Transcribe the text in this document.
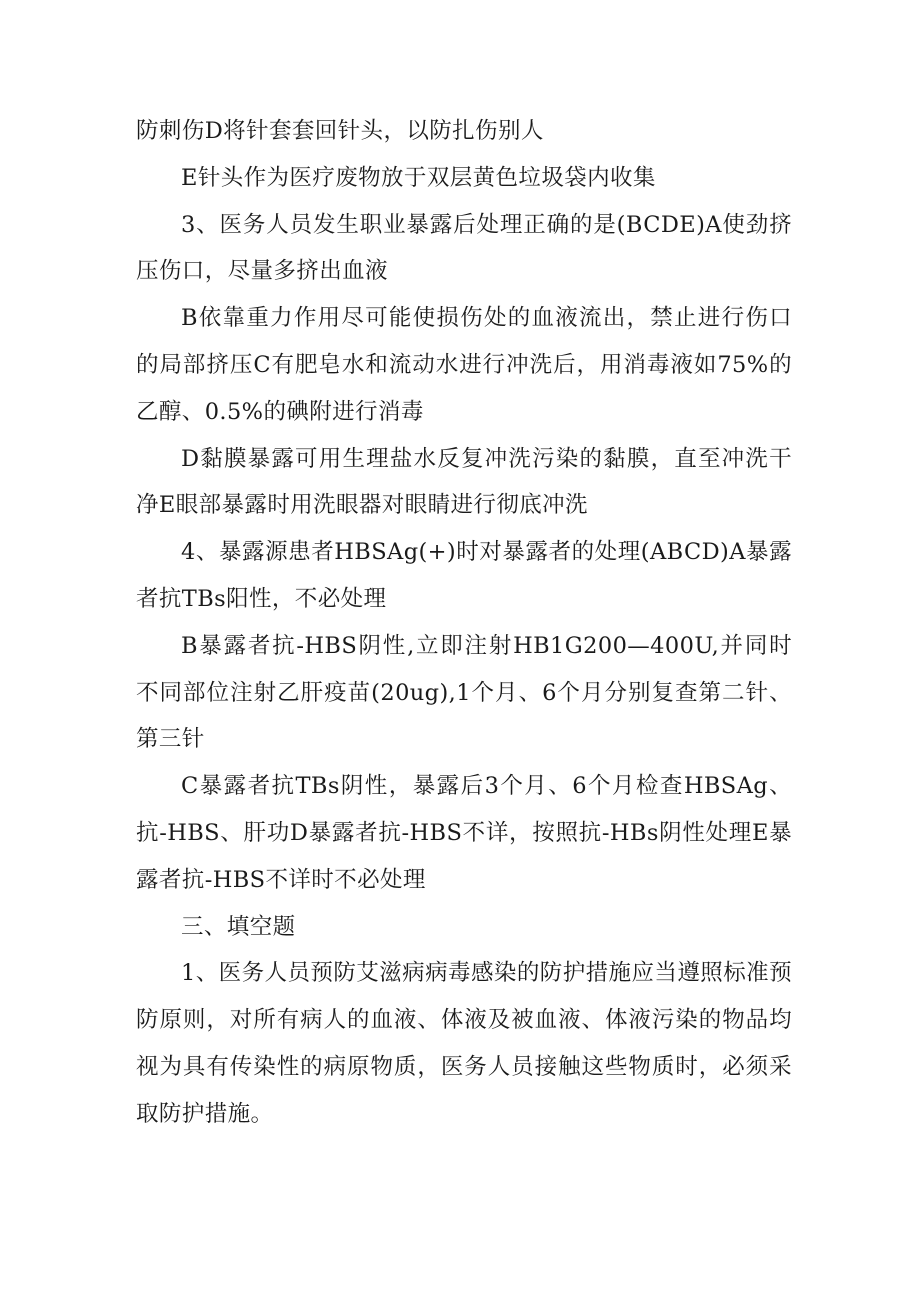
防刺伤D将针套套回针头，以防扎伤别人

E针头作为医疗废物放于双层黄色垃圾袋内收集

3、医务人员发生职业暴露后处理正确的是(BCDE)A使劲挤压伤口，尽量多挤出血液

B依靠重力作用尽可能使损伤处的血液流出，禁止进行伤口的局部挤压C有肥皂水和流动水进行冲洗后，用消毒液如75%的乙醇、0.5%的碘附进行消毒

D黏膜暴露可用生理盐水反复冲洗污染的黏膜，直至冲洗干净E眼部暴露时用洗眼器对眼睛进行彻底冲洗

4、暴露源患者HBSAg(+)时对暴露者的处理(ABCD)A暴露者抗TBs阳性，不必处理

B暴露者抗-HBS阴性,立即注射HB1G200—400U,并同时不同部位注射乙肝疫苗(20ug),1个月、6个月分别复查第二针、第三针

C暴露者抗TBs阴性，暴露后3个月、6个月检查HBSAg、抗-HBS、肝功D暴露者抗-HBS不详，按照抗-HBs阴性处理E暴露者抗-HBS不详时不必处理

三、填空题

1、医务人员预防艾滋病病毒感染的防护措施应当遵照标准预防原则，对所有病人的血液、体液及被血液、体液污染的物品均视为具有传染性的病原物质，医务人员接触这些物质时，必须采取防护措施。
